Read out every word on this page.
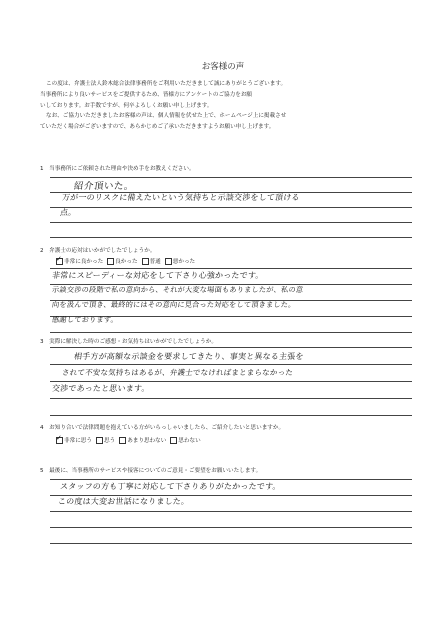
お客様の声

この度は、弁護士法人鈴木総合法律事務所をご利用いただきまして誠にありがとうございます。

当事務所により良いサービスをご提供するため、皆様方にアンケートのご協力をお願

いしております。お手数ですが、何卒よろしくお願い申し上げます。

なお、ご協力いただきましたお客様の声は、個人情報を伏せた上で、ホームページ上に掲載させ

ていただく場合がございますので、あらかじめご了承いただきますようお願い申し上げます。

1　当事務所にご依頼された理由や決め手をお教えください。
紹介頂いた。
万が一のリスクに備えたいという気持ちと示談交渉をして頂ける
点。
2　弁護士の応対はいかがでしたでしょうか。
✓
非常に良かった 良かった 普通 悪かった
非常にスピーディーな対応をして下さり心強かったです。
示談交渉の段階で私の意向から、それが大変な場面もありましたが、私の意
向を汲んで頂き、最終的にはその意向に見合った対応をして頂きました。
感謝しております。
3　実際に解決した時のご感想・お気持ちはいかがでしたでしょうか。
相手方が高額な示談金を要求してきたり、事実と異なる主張を
されて不安な気持ちはあるが、弁護士でなければまとまらなかった
交渉であったと思います。
4　お知り合いで法律問題を抱えている方がいらっしゃいましたら、ご紹介したいと思いますか。
✓
非常に思う 思う あまり思わない 思わない
5　最後に、当事務所のサービスや接客についてのご意見・ご要望をお願いいたします。
スタッフの方も丁寧に対応して下さりありがたかったです。
この度は大変お世話になりました。
